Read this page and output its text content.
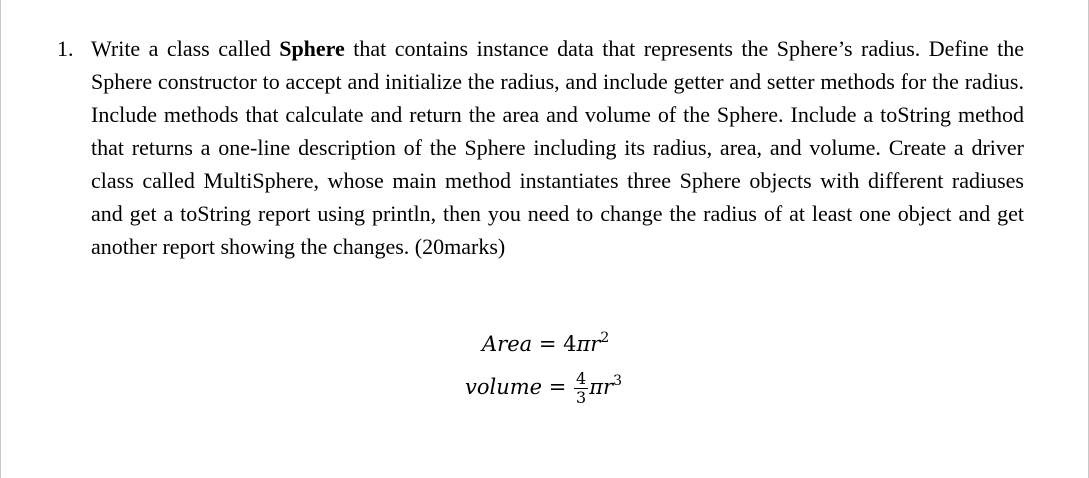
1. Write a class called Sphere that contains instance data that represents the Sphere’s radius. Define the Sphere constructor to accept and initialize the radius, and include getter and setter methods for the radius. Include methods that calculate and return the area and volume of the Sphere. Include a toString method that returns a one-line description of the Sphere including its radius, area, and volume. Create a driver class called MultiSphere, whose main method instantiates three Sphere objects with different radiuses and get a toString report using println, then you need to change the radius of at least one object and get another report showing the changes. (20marks)
Area = $4\pi r^2$
volume = $\frac{4}{3} \pi r^3$
